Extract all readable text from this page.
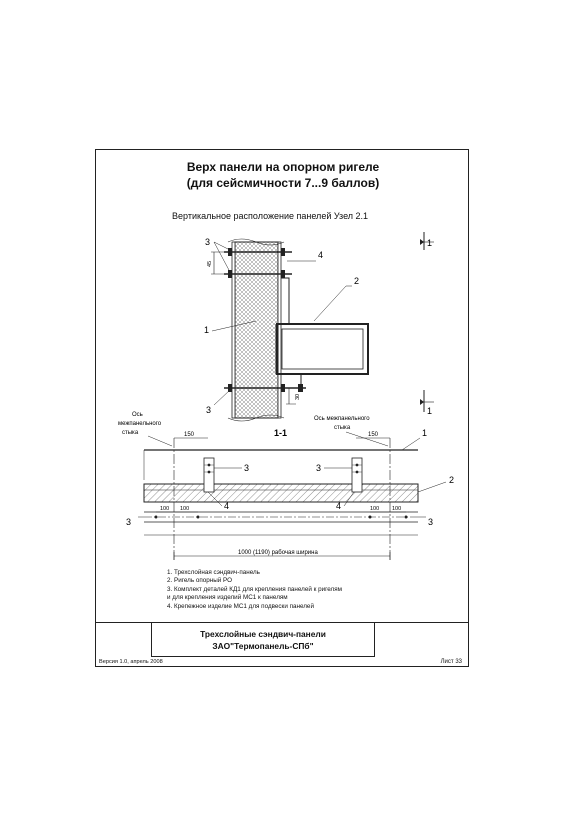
Верх панели на опорном ригеле
(для сейсмичности 7...9 баллов)
Вертикальное расположение панелей Узел 2.1
45
30
3
4
2
1
3
1
1
1-1
Ось
межпанельного
стыка
Ось межпанельного
стыка
150	150
3	3
4	4
1
2
3	3
100 100	100 100
1000 (1190) рабочая ширина
1. Трехслойная сэндвич-панель
2. Ригель опорный РО
3. Комплект деталей КД1 для крепления панелей к ригелям
и для крепления изделий МС1 к панелям
4. Крепежное изделие МС1 для подвески панелей
Трехслойные сэндвич-панели
ЗАО"Термопанель-СПб"
Версия 1.0, апрель 2008	Лист 33
